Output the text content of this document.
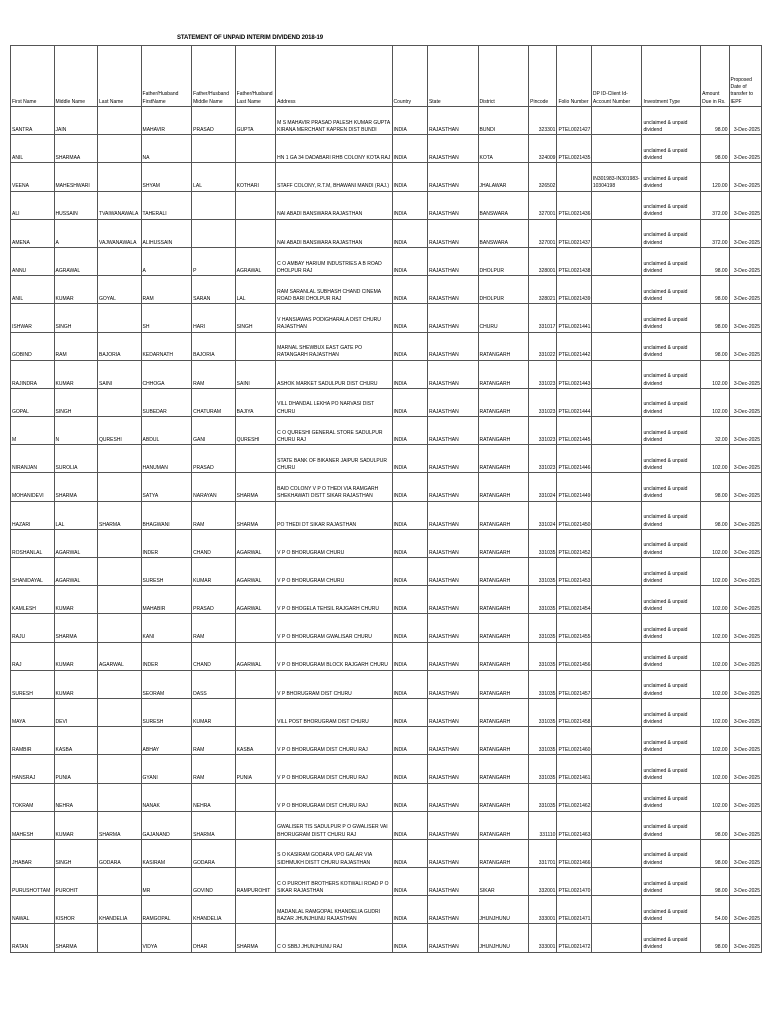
STATEMENT OF UNPAID INTERIM DIVIDEND 2018-19
First Name	Middle Name	Last Name	Father/Husband FirstName	Father/Husband Middle Name	Father/Husband Last Name	Address	Country	State	District	Pincode	Folio Number	DP ID-Client Id-Account Number	Investment Type	Amount Due in Rs.	Proposed Date of transfer to IEPF
SANTRA	JAIN		MAHAVIR	PRASAD	GUPTA	M S MAHAVIR PRASAD PALESH KUMAR GUPTA KIRANA MERCHANT KAPREN DIST BUNDI	INDIA	RAJASTHAN	BUNDI	323301	PTEL0021427		unclaimed & unpaid dividend	98.00	3-Dec-2025
ANIL	SHARMAA		NA			HN 1 GA 34 DADABARI RHB COLONY KOTA RAJ	INDIA	RAJASTHAN	KOTA	324009	PTEL0021435		unclaimed & unpaid dividend	98.00	3-Dec-2025
VEENA	MAHESHWARI		SHYAM	LAL	KOTHARI	STAFF COLONY, R.T.M, BHAWANI MANDI (RAJ.)	INDIA	RAJASTHAN	JHALAWAR	326502		IN301983-IN301983-10304198	unclaimed & unpaid dividend	120.00	3-Dec-2025
ALI	HUSSAIN	TVAIWANAWALA	TAHERALI			NAI ABADI BANSWARA RAJASTHAN	INDIA	RAJASTHAN	BANSWARA	327001	PTEL0021436		unclaimed & unpaid dividend	372.00	3-Dec-2025
AMENA	A	VAJWANAWALA	ALIHUSSAIN			NAI ABADI BANSWARA RAJASTHAN	INDIA	RAJASTHAN	BANSWARA	327001	PTEL0021437		unclaimed & unpaid dividend	372.00	3-Dec-2025
ANNU	AGRAWAL		A	P	AGRAWAL	C O AMBAY HARIUM INDUSTRIES A B ROAD DHOLPUR RAJ	INDIA	RAJASTHAN	DHOLPUR	328001	PTEL0021438		unclaimed & unpaid dividend	98.00	3-Dec-2025
ANIL	KUMAR	GOYAL	RAM	SARAN	LAL	RAM SARANLAL SUBHASH CHAND CINEMA ROAD BARI DHOLPUR RAJ	INDIA	RAJASTHAN	DHOLPUR	328021	PTEL0021439		unclaimed & unpaid dividend	98.00	3-Dec-2025
ISHWAR	SINGH		SH	HARI	SINGH	V HANSIAWAS PODIGHARALA DIST CHURU RAJASTHAN	INDIA	RAJASTHAN	CHURU	331017	PTEL0021441		unclaimed & unpaid dividend	98.00	3-Dec-2025
GOBIND	RAM	BAJORIA	KEDARNATH	BAJORIA		MARNAL SHEWBUX EAST GATE PO RATANGARH RAJASTHAN	INDIA	RAJASTHAN	RATANGARH	331022	PTEL0021442		unclaimed & unpaid dividend	98.00	3-Dec-2025
RAJINDRA	KUMAR	SAINI	CHHOGA	RAM	SAINI	ASHOK MARKET SADULPUR DIST CHURU	INDIA	RAJASTHAN	RATANGARH	331023	PTEL0021443		unclaimed & unpaid dividend	102.00	3-Dec-2025
GOPAL	SINGH		SUBEDAR	CHATURAM	BAJIYA	VILL DHANDAL LEKHA PO NARVASI DIST CHURU	INDIA	RAJASTHAN	RATANGARH	331023	PTEL0021444		unclaimed & unpaid dividend	102.00	3-Dec-2025
M	N	QURESHI	ABDUL	GANI	QURESHI	C O QURESHI GENERAL STORE SADULPUR CHURU RAJ	INDIA	RAJASTHAN	RATANGARH	331023	PTEL0021445		unclaimed & unpaid dividend	32.00	3-Dec-2025
NIRANJAN	SUROLIA		HANUMAN	PRASAD		STATE BANK OF BIKANER JAIPUR SADULPUR CHURU	INDIA	RAJASTHAN	RATANGARH	331023	PTEL0021446		unclaimed & unpaid dividend	102.00	3-Dec-2025
MOHANIDEVI	SHARMA		SATYA	NARAYAN	SHARMA	BAID COLONY V P O THEDI VIA RAMGARH SHEKHAWATI DISTT SIKAR RAJASTHAN	INDIA	RAJASTHAN	RATANGARH	331024	PTEL0021449		unclaimed & unpaid dividend	98.00	3-Dec-2025
HAZARI	LAL	SHARMA	BHAGWANI	RAM	SHARMA	PO THEDI DT SIKAR RAJASTHAN	INDIA	RAJASTHAN	RATANGARH	331024	PTEL0021450		unclaimed & unpaid dividend	98.00	3-Dec-2025
ROSHANLAL	AGARWAL		INDER	CHAND	AGARWAL	V P O BHORUGRAM CHURU	INDIA	RAJASTHAN	RATANGARH	331035	PTEL0021452		unclaimed & unpaid dividend	102.00	3-Dec-2025
SHANIDAYAL	AGARWAL		SURESH	KUMAR	AGARWAL	V P O BHORUGRAM CHURU	INDIA	RAJASTHAN	RATANGARH	331035	PTEL0021453		unclaimed & unpaid dividend	102.00	3-Dec-2025
KAMLESH	KUMAR		MAHABIR	PRASAD	AGARWAL	V P O BHOGELA TEHSIL RAJGARH CHURU	INDIA	RAJASTHAN	RATANGARH	331035	PTEL0021454		unclaimed & unpaid dividend	102.00	3-Dec-2025
RAJU	SHARMA		KANI	RAM		V P O BHORUGRAM GWALISAR CHURU	INDIA	RAJASTHAN	RATANGARH	331035	PTEL0021455		unclaimed & unpaid dividend	102.00	3-Dec-2025
RAJ	KUMAR	AGARWAL	INDER	CHAND	AGARWAL	V P O BHORUGRAM BLOCK RAJGARH CHURU	INDIA	RAJASTHAN	RATANGARH	331035	PTEL0021456		unclaimed & unpaid dividend	102.00	3-Dec-2025
SURESH	KUMAR		SEORAM	DASS		V P BHORUGRAM DIST CHURU	INDIA	RAJASTHAN	RATANGARH	331035	PTEL0021457		unclaimed & unpaid dividend	102.00	3-Dec-2025
MAYA	DEVI		SURESH	KUMAR		VILL POST BHORUGRAM DIST CHURU	INDIA	RAJASTHAN	RATANGARH	331035	PTEL0021458		unclaimed & unpaid dividend	102.00	3-Dec-2025
RAMBIR	KASBA		ABHAY	RAM	KASBA	V P O BHORUGRAM DIST CHURU RAJ	INDIA	RAJASTHAN	RATANGARH	331035	PTEL0021460		unclaimed & unpaid dividend	102.00	3-Dec-2025
HANSRAJ	PUNIA		GYANI	RAM	PUNIA	V P O BHORUGRAM DIST CHURU RAJ	INDIA	RAJASTHAN	RATANGARH	331035	PTEL0021461		unclaimed & unpaid dividend	102.00	3-Dec-2025
TOKRAM	NEHRA		NANAK	NEHRA		V P O BHORUGRAM DIST CHURU RAJ	INDIA	RAJASTHAN	RATANGARH	331035	PTEL0021462		unclaimed & unpaid dividend	102.00	3-Dec-2025
MAHESH	KUMAR	SHARMA	GAJANAND	SHARMA		GWALISER TIS SADULPUR P O GWALISER VAI BHORUGRAM DISTT CHURU RAJ	INDIA	RAJASTHAN	RATANGARH	331110	PTEL0021463		unclaimed & unpaid dividend	98.00	3-Dec-2025
JHABAR	SINGH	GODARA	KASIRAM	GODARA		S O KASIRAM GODARA VPO GALAR VIA SIDHMUKH DISTT CHURU RAJASTHAN	INDIA	RAJASTHAN	RATANGARH	331701	PTEL0021466		unclaimed & unpaid dividend	98.00	3-Dec-2025
PURUSHOTTAM	PUROHIT		MR	GOVIND	RAMPUROHIT	C O PUROHIT BROTHERS KOTWALI ROAD P O SIKAR RAJASTHAN	INDIA	RAJASTHAN	SIKAR	332001	PTEL0021470		unclaimed & unpaid dividend	98.00	3-Dec-2025
NAWAL	KISHOR	KHANDELIA	RAMGOPAL	KHANDELIA		MADANLAL RAMGOPAL KHANDELIA GUDRI BAZAR JHUNJHUNU RAJASTHAN	INDIA	RAJASTHAN	JHUNJHUNU	333001	PTEL0021471		unclaimed & unpaid dividend	54.00	3-Dec-2025
RATAN	SHARMA		VIDYA	DHAR	SHARMA	C O SBBJ JHUNJHUNU RAJ	INDIA	RAJASTHAN	JHUNJHUNU	333001	PTEL0021472		unclaimed & unpaid dividend	98.00	3-Dec-2025
